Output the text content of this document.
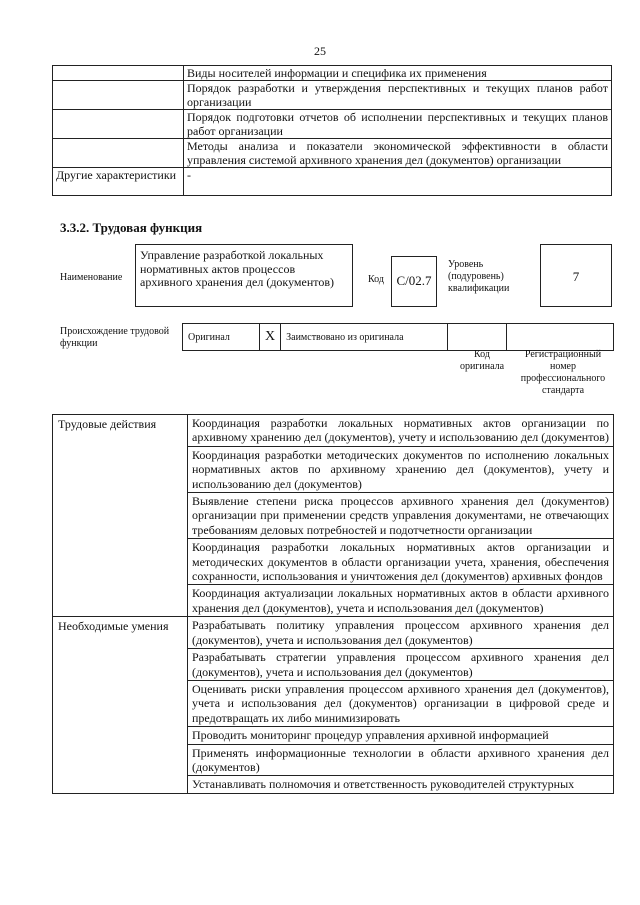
25
	Виды носителей информации и специфика их применения
	Порядок разработки и утверждения перспективных и текущих планов работ организации
	Порядок подготовки отчетов об исполнении перспективных и текущих планов работ организации
	Методы анализа и показатели экономической эффективности в области управления системой архивного хранения дел (документов) организации
Другие характеристики	-
3.3.2. Трудовая функция
Наименование
Управление разработкой локальных нормативных актов процессов архивного хранения дел (документов)	Код С/02.7
Уровень (подуровень) квалификации
7
Происхождение трудовой функции
Оригинал	X	Заимствовано из оригинала		
Код оригинала
Регистрационный номер профессионального стандарта
Трудовые действия	Координация разработки локальных нормативных актов организации по архивному хранению дел (документов), учету и использованию дел (документов)
	Координация разработки методических документов по исполнению локальных нормативных актов по архивному хранению дел (документов), учету и использованию дел (документов)
	Выявление степени риска процессов архивного хранения дел (документов) организации при применении средств управления документами, не отвечающих требованиям деловых потребностей и подотчетности организации
	Координация разработки локальных нормативных актов организации и методических документов в области организации учета, хранения, обеспечения сохранности, использования и уничтожения дел (документов) архивных фондов
	Координация актуализации локальных нормативных актов в области архивного хранения дел (документов), учета и использования дел (документов)
Необходимые умения	Разрабатывать политику управления процессом архивного хранения дел (документов), учета и использования дел (документов)
	Разрабатывать стратегии управления процессом архивного хранения дел (документов), учета и использования дел (документов)
	Оценивать риски управления процессом архивного хранения дел (документов), учета и использования дел (документов) организации в цифровой среде и предотвращать их либо минимизировать
	Проводить мониторинг процедур управления архивной информацией
	Применять информационные технологии в области архивного хранения дел (документов)
	Устанавливать полномочия и ответственность руководителей структурных
